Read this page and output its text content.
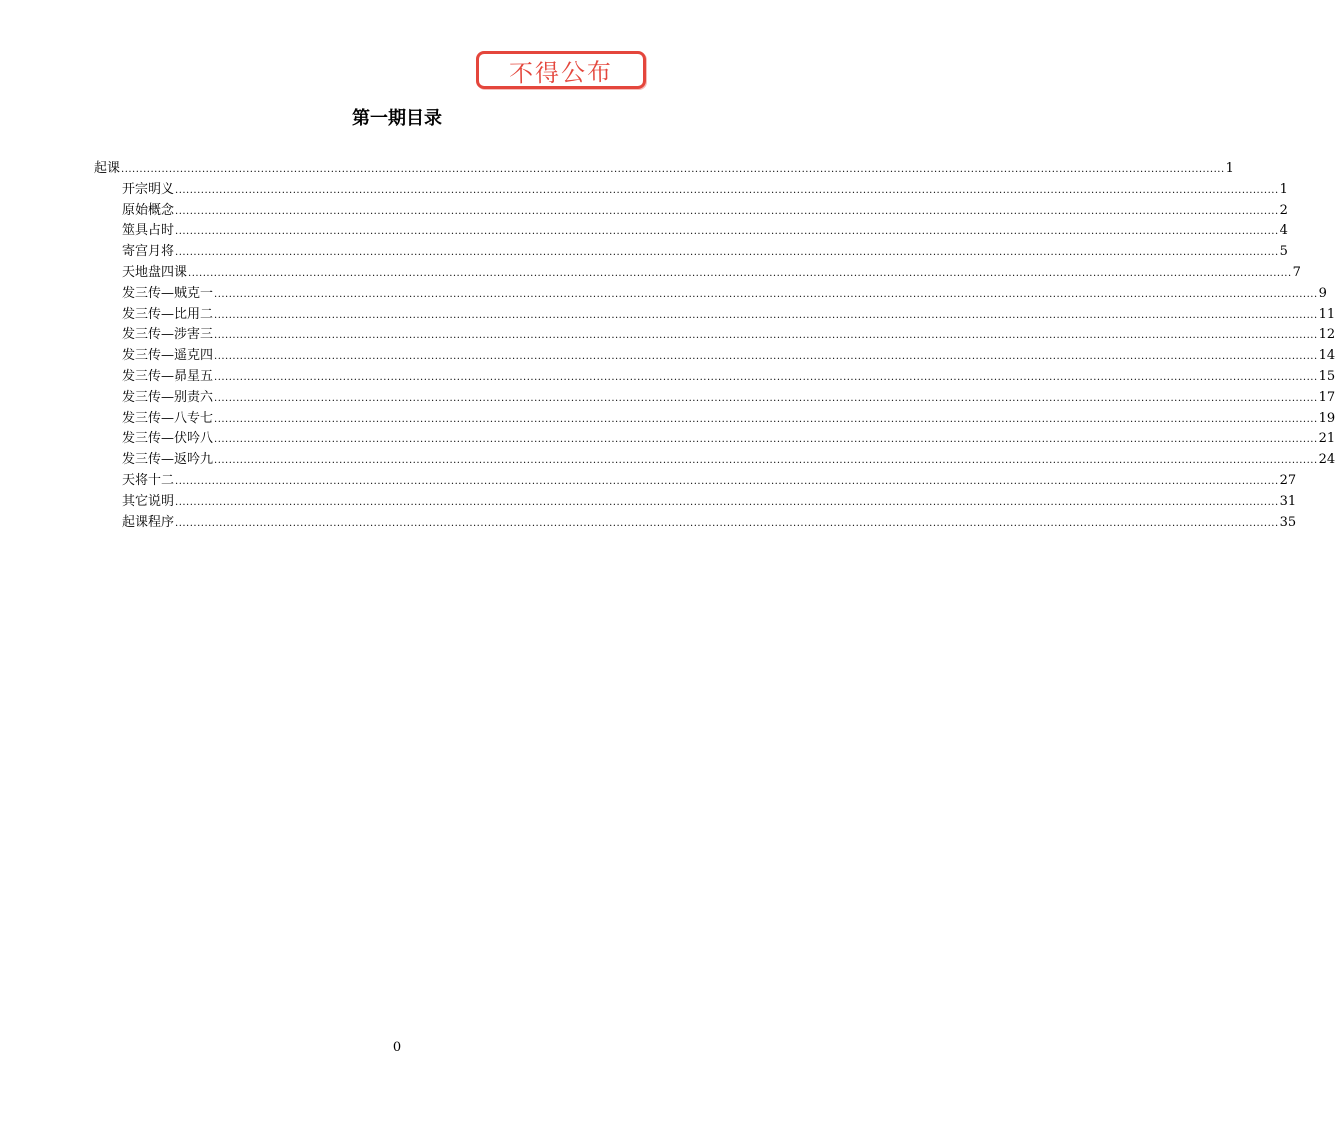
不得公布
第一期目录
起课 ............................................................................................................................................................................................................................................................................................................ 1
开宗明义 ............................................................................................................................................................................................................................................................................................................ 1
原始概念 ............................................................................................................................................................................................................................................................................................................ 2
筮具占时 ............................................................................................................................................................................................................................................................................................................ 4
寄宫月将 ............................................................................................................................................................................................................................................................................................................ 5
天地盘四课 ............................................................................................................................................................................................................................................................................................................ 7
发三传—贼克一 ............................................................................................................................................................................................................................................................................................................ 9
发三传—比用二 ............................................................................................................................................................................................................................................................................................................ 11
发三传—涉害三 ............................................................................................................................................................................................................................................................................................................ 12
发三传—遥克四 ............................................................................................................................................................................................................................................................................................................ 14
发三传—昴星五 ............................................................................................................................................................................................................................................................................................................ 15
发三传—别责六 ............................................................................................................................................................................................................................................................................................................ 17
发三传—八专七 ............................................................................................................................................................................................................................................................................................................ 19
发三传—伏吟八 ............................................................................................................................................................................................................................................................................................................ 21
发三传—返吟九 ............................................................................................................................................................................................................................................................................................................ 24
天将十二 ............................................................................................................................................................................................................................................................................................................ 27
其它说明 ............................................................................................................................................................................................................................................................................................................ 31
起课程序 ............................................................................................................................................................................................................................................................................................................ 35
0
